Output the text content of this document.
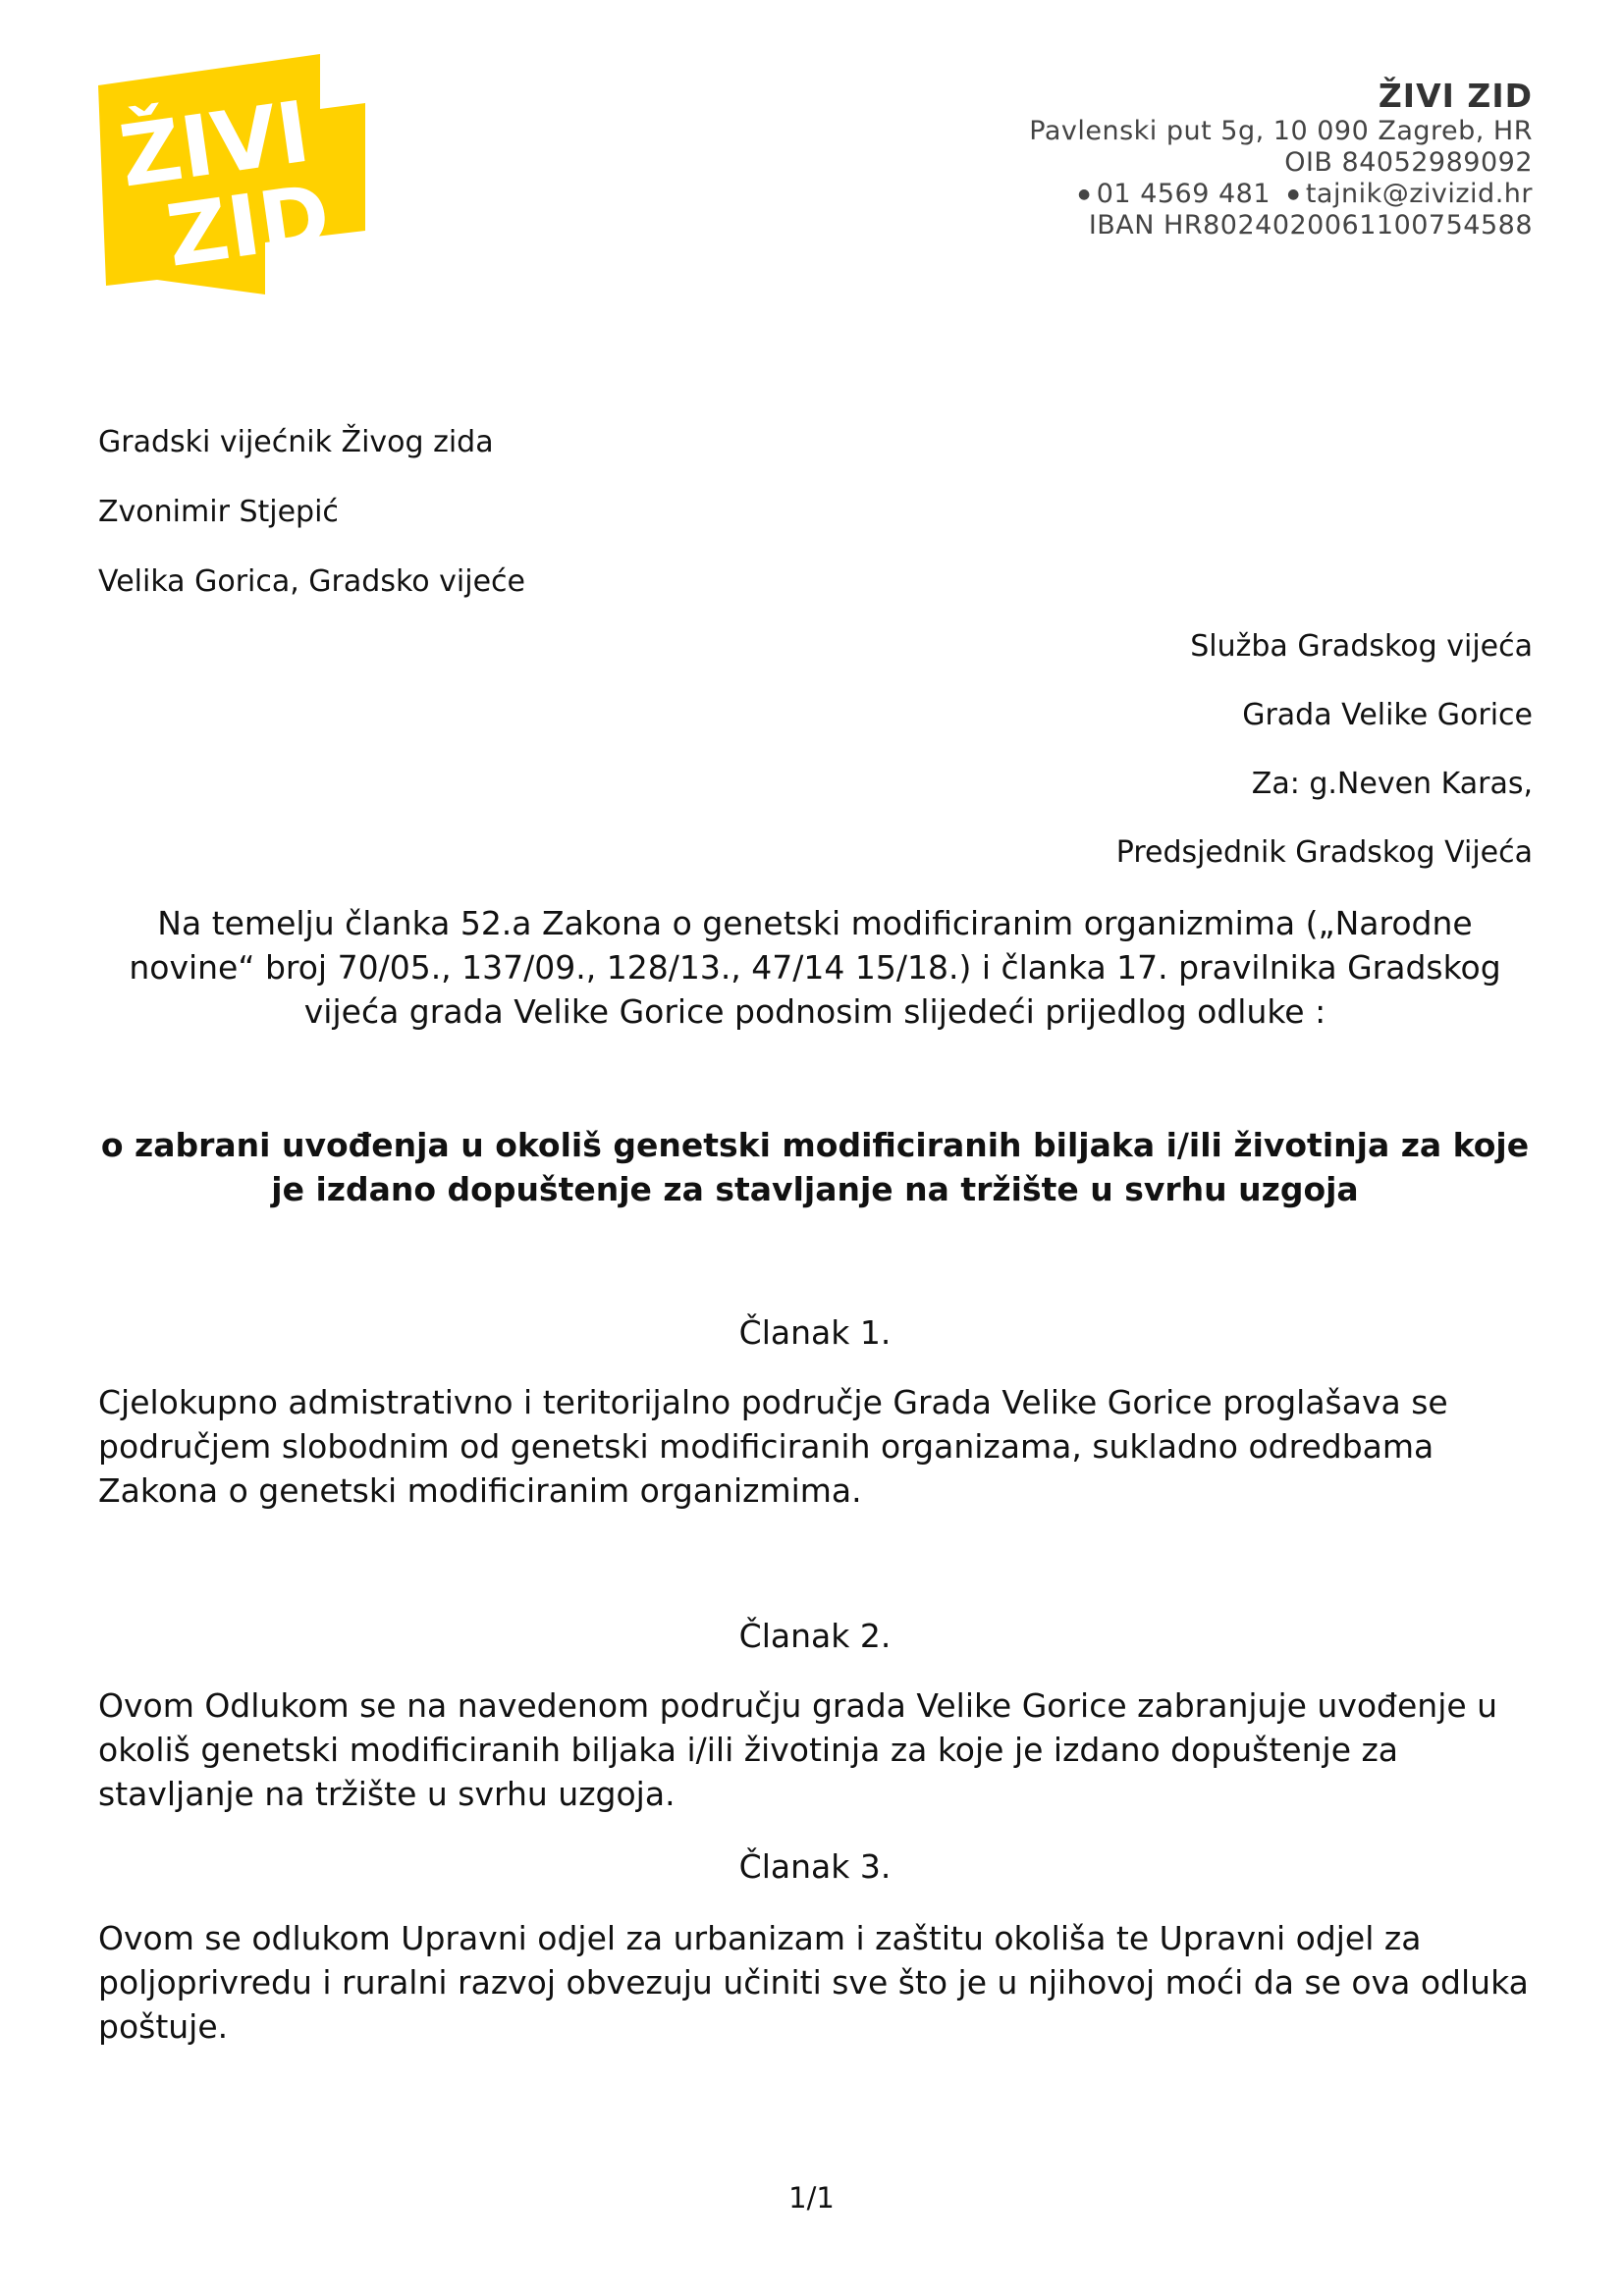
ŽIVI
ZID
ŽIVI ZID
Pavlenski put 5g, 10 090 Zagreb, HR
OIB 84052989092
● 01 4569 481 ● tajnik@zivizid.hr
IBAN HR8024020061100754588

Gradski vijećnik Živog zida

Zvonimir Stjepić

Velika Gorica, Gradsko vijeće

Služba Gradskog vijeća

Grada Velike Gorice

Za: g.Neven Karas,

Predsjednik Gradskog Vijeća

Na temelju članka 52.a Zakona o genetski modificiranim organizmima („Narodne novine“ broj 70/05., 137/09., 128/13., 47/14 15/18.) i članka 17. pravilnika Gradskog vijeća grada Velike Gorice podnosim slijedeći prijedlog odluke :
o zabrani uvođenja u okoliš genetski modificiranih biljaka i/ili životinja za koje je izdano dopuštenje za stavljanje na tržište u svrhu uzgoja
Članak 1.
Cjelokupno admistrativno i teritorijalno područje Grada Velike Gorice proglašava se područjem slobodnim od genetski modificiranih organizama, sukladno odredbama Zakona o genetski modificiranim organizmima.
Članak 2.
Ovom Odlukom se na navedenom području grada Velike Gorice zabranjuje uvođenje u okoliš genetski modificiranih biljaka i/ili životinja za koje je izdano dopuštenje za stavljanje na tržište u svrhu uzgoja.
Članak 3.
Ovom se odlukom Upravni odjel za urbanizam i zaštitu okoliša te Upravni odjel za poljoprivredu i ruralni razvoj obvezuju učiniti sve što je u njihovoj moći da se ova odluka poštuje.
1/1
